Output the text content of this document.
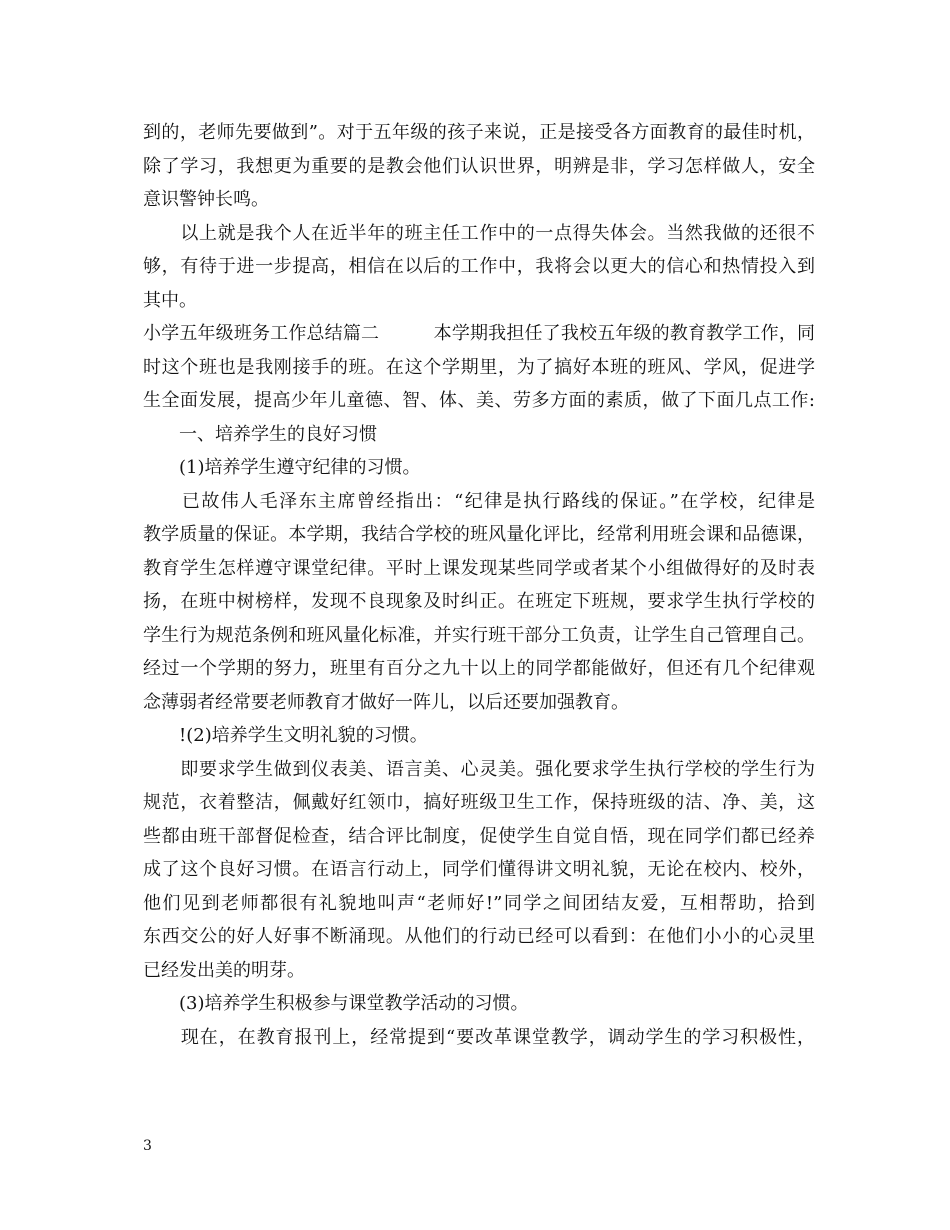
到的，老师先要做到”。对于五年级的孩子来说，正是接受各方面教育的最佳时机，
除了学习，我想更为重要的是教会他们认识世界，明辨是非，学习怎样做人，安全
意识警钟长鸣。
　　以上就是我个人在近半年的班主任工作中的一点得失体会。当然我做的还很不
够，有待于进一步提高，相信在以后的工作中，我将会以更大的信心和热情投入到
其中。
小学五年级班务工作总结篇二　　　本学期我担任了我校五年级的教育教学工作，同
时这个班也是我刚接手的班。在这个学期里，为了搞好本班的班风、学风，促进学
生全面发展，提高少年儿童德、智、体、美、劳多方面的素质，做了下面几点工作:
　　一、培养学生的良好习惯
　　(1)培养学生遵守纪律的习惯。
　　已故伟人毛泽东主席曾经指出：“纪律是执行路线的保证。”在学校，纪律是
教学质量的保证。本学期，我结合学校的班风量化评比，经常利用班会课和品德课，
教育学生怎样遵守课堂纪律。平时上课发现某些同学或者某个小组做得好的及时表
扬，在班中树榜样，发现不良现象及时纠正。在班定下班规，要求学生执行学校的
学生行为规范条例和班风量化标准，并实行班干部分工负责，让学生自己管理自己。
经过一个学期的努力，班里有百分之九十以上的同学都能做好，但还有几个纪律观
念薄弱者经常要老师教育才做好一阵儿，以后还要加强教育。
　　!(2)培养学生文明礼貌的习惯。
　　即要求学生做到仪表美、语言美、心灵美。强化要求学生执行学校的学生行为
规范，衣着整洁，佩戴好红领巾，搞好班级卫生工作，保持班级的洁、净、美，这
些都由班干部督促检查，结合评比制度，促使学生自觉自悟，现在同学们都已经养
成了这个良好习惯。在语言行动上，同学们懂得讲文明礼貌，无论在校内、校外，
他们见到老师都很有礼貌地叫声“老师好!”同学之间团结友爱，互相帮助，拾到
东西交公的好人好事不断涌现。从他们的行动已经可以看到：在他们小小的心灵里
已经发出美的明芽。
　　(3)培养学生积极参与课堂教学活动的习惯。
　　现在，在教育报刊上，经常提到“要改革课堂教学，调动学生的学习积极性，
3
